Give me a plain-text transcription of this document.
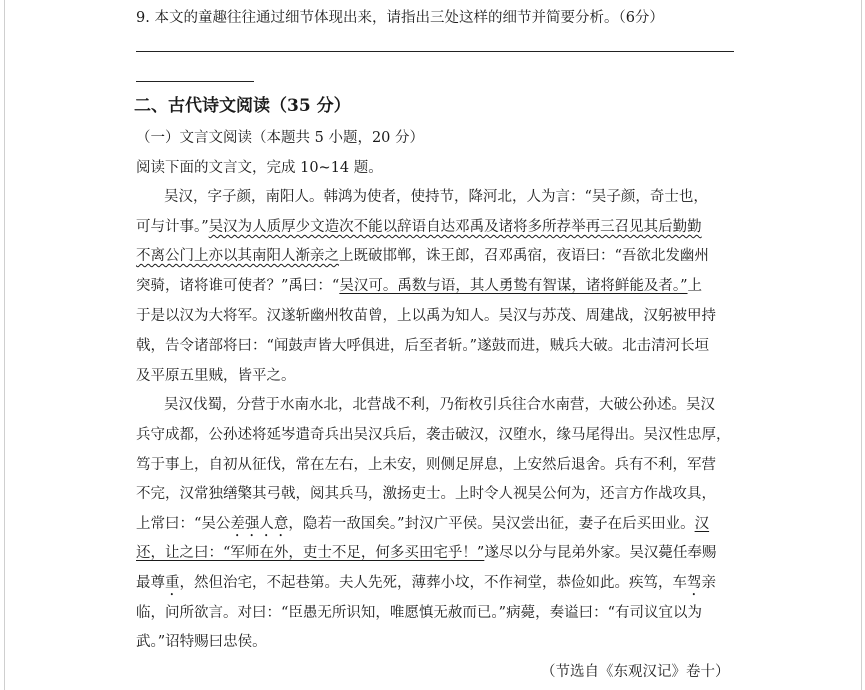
9. 本文的童趣往往通过细节体现出来，请指出三处这样的细节并简要分析。（6分）
二、古代诗文阅读（35 分）
（一）文言文阅读（本题共 5 小题，20 分）
阅读下面的文言文，完成 10~14 题。
吴汉，字子颜，南阳人。韩鸿为使者，使持节，降河北，人为言：“吴子颜，奇士也，
可与计事。”吴汉为人质厚少文造次不能以辞语自达邓禹及诸将多所荐举再三召见其后勤勤
不离公门上亦以其南阳人渐亲之上既破邯郸，诛王郎，召邓禹宿，夜语曰：“吾欲北发幽州
突骑，诸将谁可使者？”禹曰：“吴汉可。禹数与语，其人勇鸷有智谋，诸将鲜能及者。”上
于是以汉为大将军。汉遂斩幽州牧苗曾，上以禹为知人。吴汉与苏茂、周建战，汉躬被甲持
戟，告令诸部将曰：“闻鼓声皆大呼俱进，后至者斩。”遂鼓而进，贼兵大破。北击清河长垣
及平原五里贼，皆平之。
吴汉伐蜀，分营于水南水北，北营战不利，乃衔枚引兵往合水南营，大破公孙述。吴汉
兵守成都，公孙述将延岑遣奇兵出吴汉兵后，袭击破汉，汉堕水，缘马尾得出。吴汉性忠厚，
笃于事上，自初从征伐，常在左右，上未安，则侧足屏息，上安然后退舍。兵有不利，军营
不完，汉常独缮檠其弓戟，阅其兵马，激扬吏士。上时令人视吴公何为，还言方作战攻具，
上常曰：“吴公差强人意，隐若一敌国矣。”封汉广平侯。吴汉尝出征，妻子在后买田业。汉
还，让之曰：“军师在外，吏士不足，何多买田宅乎！”遂尽以分与昆弟外家。吴汉薨任奉赐
最尊重，然但治宅，不起巷第。夫人先死，薄葬小坟，不作祠堂，恭俭如此。疾笃，车驾亲
临，问所欲言。对曰：“臣愚无所识知，唯愿慎无赦而已。”病薨，奏谥曰：“有司议宜以为
武。”诏特赐曰忠侯。
（节选自《东观汉记》卷十）
